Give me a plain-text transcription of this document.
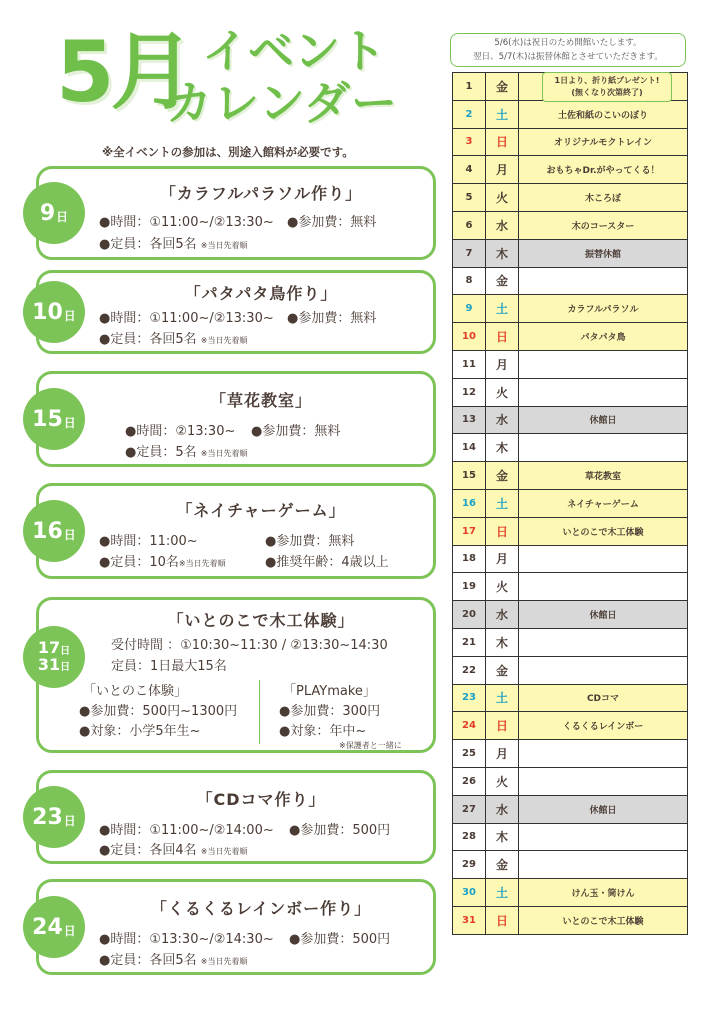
5月 イベント
カレンダー
※全イベントの参加は、別途入館料が必要です。
9 日
「カラフルパラソル作り」
●時間：①11:00~/②13:30~ ●参加費：無料
●定員：各回5名 ※当日先着順
10 日
「パタパタ鳥作り」
●時間：①11:00~/②13:30~ ●参加費：無料
●定員：各回5名 ※当日先着順
15 日
「草花教室」
●時間：②13:30~ ●参加費：無料
●定員：5名 ※当日先着順
16 日
「ネイチャーゲーム」
●時間：11:00~	●参加費：無料
●定員：10名※当日先着順	●推奨年齢：4歳以上
17 日
31 日
「いとのこで木工体験」
受付時間 ：①10:30~11:30 / ②13:30~14:30
定員：1日最大15名
「いとのこ体験」
●参加費：500円~1300円
●対象：小学5年生~
「PLAYmake」
●参加費：300円
●対象：年中~
※保護者と一緒に
23 日
「CDコマ作り」
●時間：①11:00~/②14:00~ ●参加費：500円
●定員：各回4名 ※当日先着順
24 日
「くるくるレインボー作り」
●時間：①13:30~/②14:30~ ●参加費：500円
●定員：各回5名 ※当日先着順
5/6(水)は祝日のため開館いたします。
翌日、5/7(木)は振替休館とさせていただきます。
1	金	
2	土	土佐和紙のこいのぼり
3	日	オリジナルモクトレイン
4	月	おもちゃDr.がやってくる！
5	火	木ころぼ
6	水	木のコースター
7	木	振替休館
8	金	
9	土	カラフルパラソル
10	日	パタパタ鳥
11	月	
12	火	
13	水	休館日
14	木	
15	金	草花教室
16	土	ネイチャーゲーム
17	日	いとのこで木工体験
18	月	
19	火	
20	水	休館日
21	木	
22	金	
23	土	CDコマ
24	日	くるくるレインボー
25	月	
26	火	
27	水	休館日
28	木	
29	金	
30	土	けん玉・筒けん
31	日	いとのこで木工体験
1日より、折り紙プレゼント!
(無くなり次第終了)
